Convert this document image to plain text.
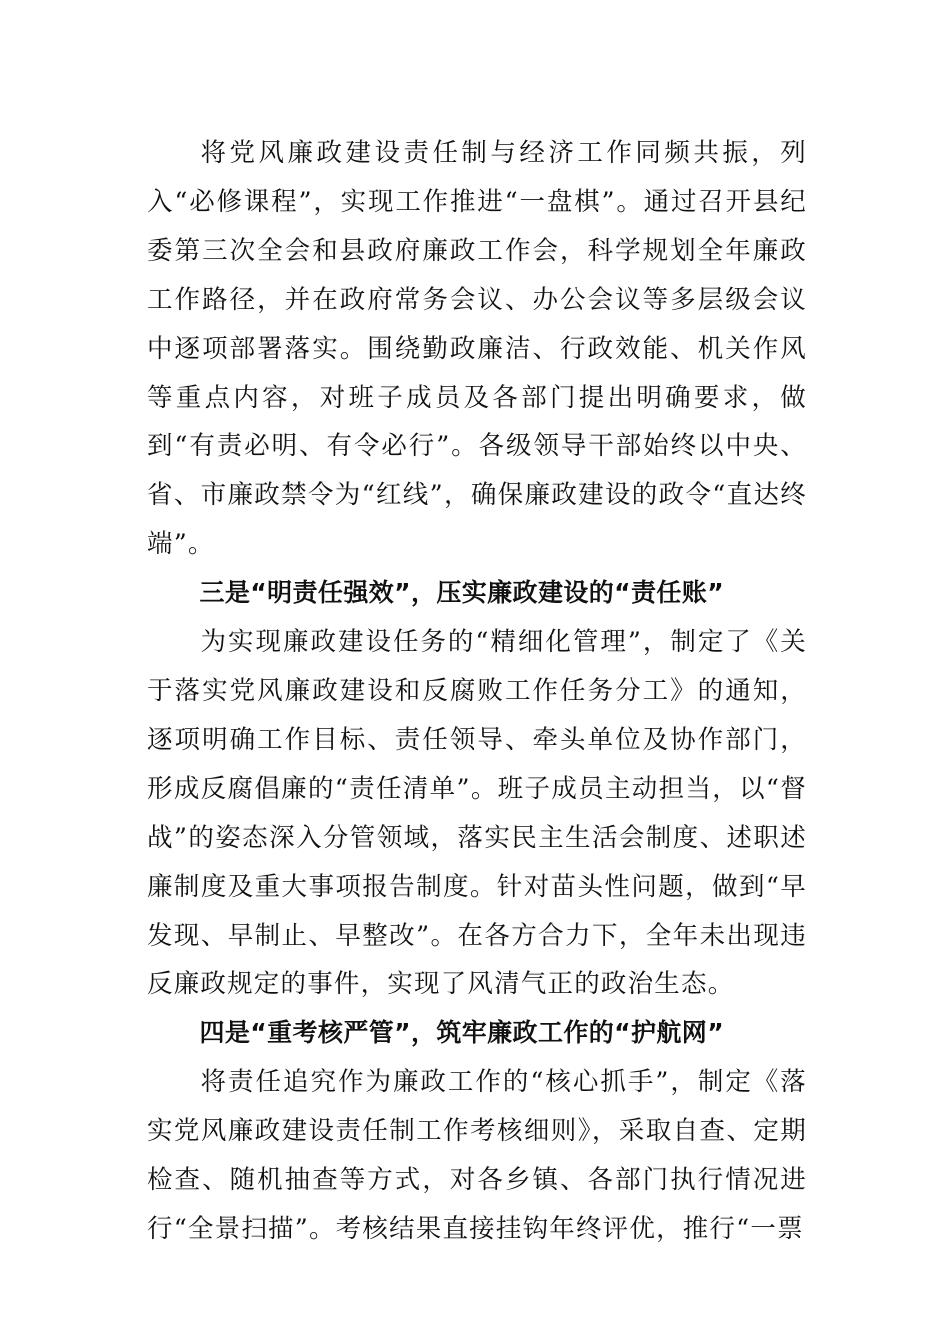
将党风廉政建设责任制与经济工作同频共振，列入“必修课程”，实现工作推进“一盘棋”。通过召开县纪委第三次全会和县政府廉政工作会，科学规划全年廉政工作路径，并在政府常务会议、办公会议等多层级会议中逐项部署落实。围绕勤政廉洁、行政效能、机关作风等重点内容，对班子成员及各部门提出明确要求，做到“有责必明、有令必行”。各级领导干部始终以中央、省、市廉政禁令为“红线”，确保廉政建设的政令“直达终端”。

三是“明责任强效”，压实廉政建设的“责任账”

为实现廉政建设任务的“精细化管理”，制定了《关于落实党风廉政建设和反腐败工作任务分工》的通知，逐项明确工作目标、责任领导、牵头单位及协作部门，形成反腐倡廉的“责任清单”。班子成员主动担当，以“督战”的姿态深入分管领域，落实民主生活会制度、述职述廉制度及重大事项报告制度。针对苗头性问题，做到“早发现、早制止、早整改”。在各方合力下，全年未出现违反廉政规定的事件，实现了风清气正的政治生态。

四是“重考核严管”，筑牢廉政工作的“护航网”

将责任追究作为廉政工作的“核心抓手”，制定《落实党风廉政建设责任制工作考核细则》，采取自查、定期检查、随机抽查等方式，对各乡镇、各部门执行情况进行“全景扫描”。考核结果直接挂钩年终评优，推行“一票
